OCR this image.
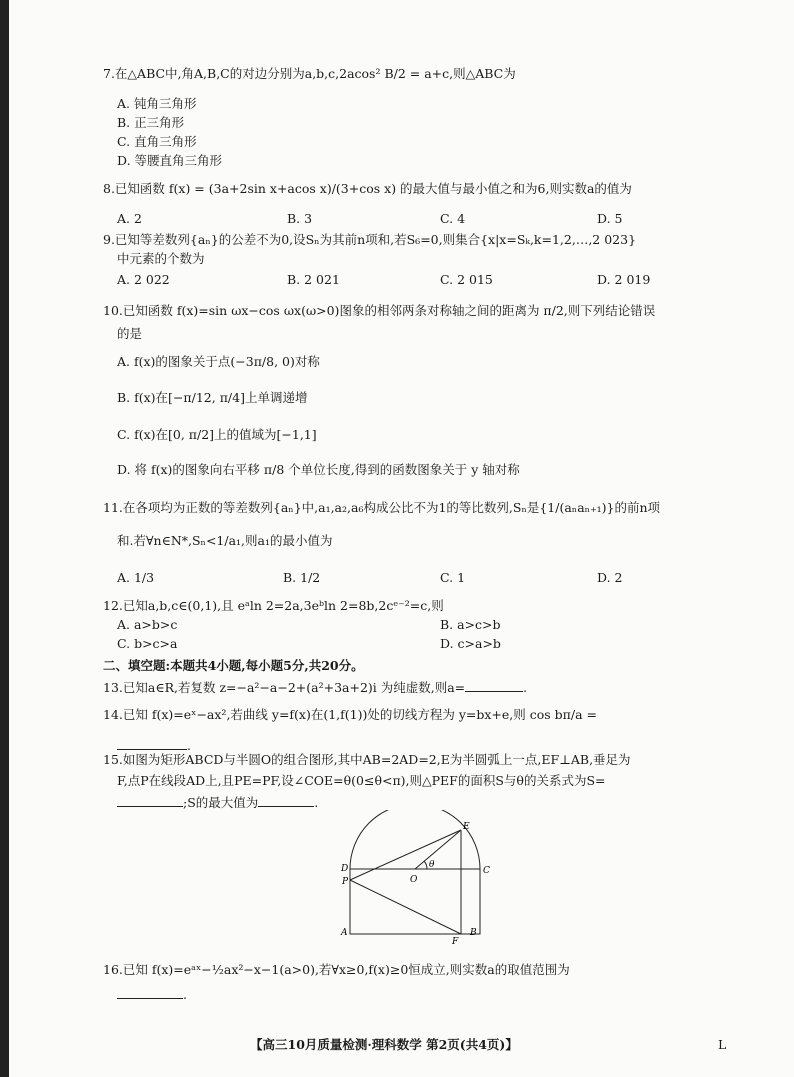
7.在△ABC中,角A,B,C的对边分别为a,b,c,2acos² B/2 = a+c,则△ABC为
A. 钝角三角形
B. 正三角形
C. 直角三角形
D. 等腰直角三角形
8.已知函数 f(x) = (3a+2sin x+acos x)/(3+cos x) 的最大值与最小值之和为6,则实数a的值为
A. 2	B. 3	C. 4	D. 5
9.已知等差数列{aₙ}的公差不为0,设Sₙ为其前n项和,若S₆=0,则集合{x|x=Sₖ,k=1,2,…,2 023}
中元素的个数为
A. 2 022	B. 2 021	C. 2 015	D. 2 019
10.已知函数 f(x)=sin ωx−cos ωx(ω>0)图象的相邻两条对称轴之间的距离为 π/2,则下列结论错误
的是
A. f(x)的图象关于点(−3π/8, 0)对称
B. f(x)在[−π/12, π/4]上单调递增
C. f(x)在[0, π/2]上的值域为[−1,1]
D. 将 f(x)的图象向右平移 π/8 个单位长度,得到的函数图象关于 y 轴对称
11.在各项均为正数的等差数列{aₙ}中,a₁,a₂,a₆构成公比不为1的等比数列,Sₙ是{1/(aₙaₙ₊₁)}的前n项
和.若∀n∈N*,Sₙ<1/a₁,则a₁的最小值为
A. 1/3	B. 1/2	C. 1	D. 2
12.已知a,b,c∈(0,1),且 eᵃln 2=2a,3eᵇln 2=8b,2cᵉ⁻²=c,则
A. a>b>c	B. a>c>b
C. b>c>a	D. c>a>b
二、填空题:本题共4小题,每小题5分,共20分。
13.已知a∈R,若复数 z=−a²−a−2+(a²+3a+2)i 为纯虚数,则a=	.
14.已知 f(x)=eˣ−ax²,若曲线 y=f(x)在(1,f(1))处的切线方程为 y=bx+e,则 cos bπ/a =
.
15.如图为矩形ABCD与半圆O的组合图形,其中AB=2AD=2,E为半圆弧上一点,EF⊥AB,垂足为
F,点P在线段AD上,且PE=PF,设∠COE=θ(0≤θ<π),则△PEF的面积S与θ的关系式为S=
;S的最大值为	.
E
D
P
C
O
θ
A	B
F
16.已知 f(x)=eᵃˣ−½ax²−x−1(a>0),若∀x≥0,f(x)≥0恒成立,则实数a的取值范围为
.
【高三10月质量检测·理科数学 第2页(共4页)】	L
